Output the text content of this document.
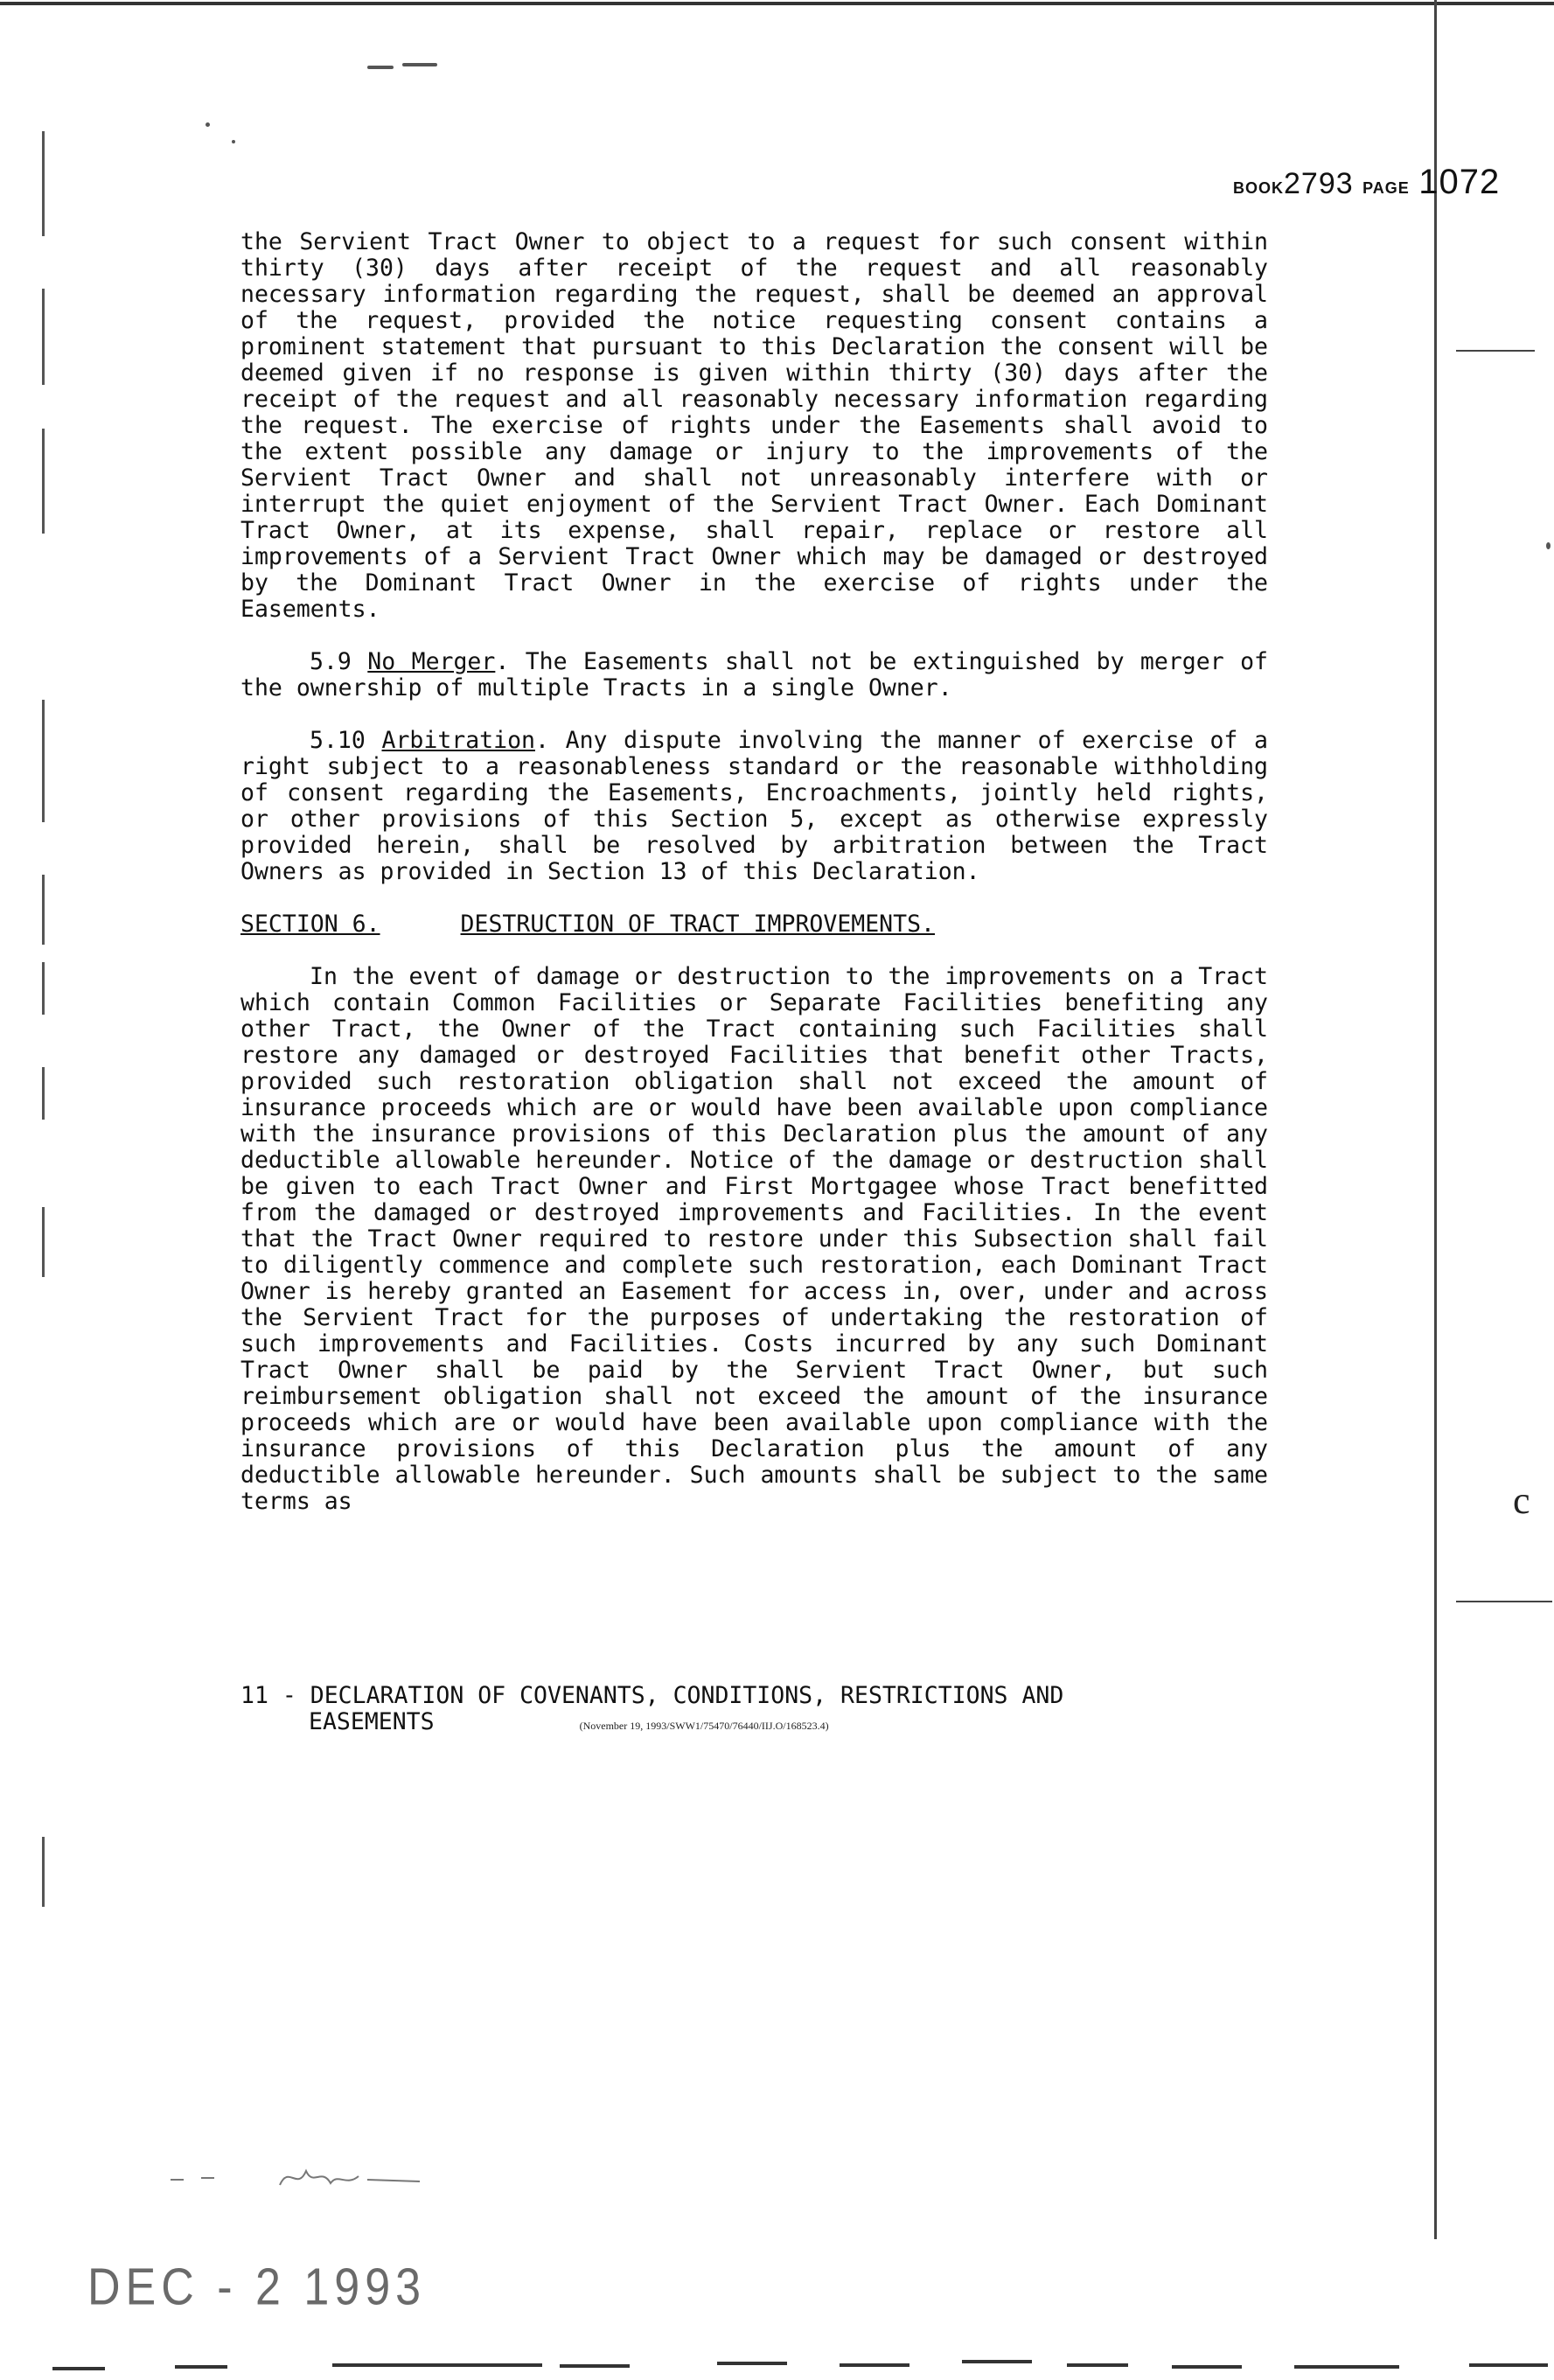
BOOK2793 PAGE 1072

the Servient Tract Owner to object to a request for such consent within thirty (30) days after receipt of the request and all reasonably necessary information regarding the request, shall be deemed an approval of the request, provided the notice requesting consent contains a prominent statement that pursuant to this Declaration the consent will be deemed given if no response is given within thirty (30) days after the receipt of the request and all reasonably necessary information regarding the request. The exercise of rights under the Easements shall avoid to the extent possible any damage or injury to the improvements of the Servient Tract Owner and shall not unreasonably interfere with or interrupt the quiet enjoyment of the Servient Tract Owner. Each Dominant Tract Owner, at its expense, shall repair, replace or restore all improvements of a Servient Tract Owner which may be damaged or destroyed by the Dominant Tract Owner in the exercise of rights under the Easements.

5.9 No Merger. The Easements shall not be extinguished by merger of the ownership of multiple Tracts in a single Owner.

5.10 Arbitration. Any dispute involving the manner of exercise of a right subject to a reasonableness standard or the reasonable withholding of consent regarding the Easements, Encroachments, jointly held rights, or other provisions of this Section 5, except as otherwise expressly provided herein, shall be resolved by arbitration between the Tract Owners as provided in Section 13 of this Declaration.

SECTION 6.	DESTRUCTION OF TRACT IMPROVEMENTS.

In the event of damage or destruction to the improvements on a Tract which contain Common Facilities or Separate Facilities benefiting any other Tract, the Owner of the Tract containing such Facilities shall restore any damaged or destroyed Facilities that benefit other Tracts, provided such restoration obligation shall not exceed the amount of insurance proceeds which are or would have been available upon compliance with the insurance provisions of this Declaration plus the amount of any deductible allowable hereunder. Notice of the damage or destruction shall be given to each Tract Owner and First Mortgagee whose Tract benefitted from the damaged or destroyed improvements and Facilities. In the event that the Tract Owner required to restore under this Subsection shall fail to diligently commence and complete such restoration, each Dominant Tract Owner is hereby granted an Easement for access in, over, under and across the Servient Tract for the purposes of undertaking the restoration of such improvements and Facilities. Costs incurred by any such Dominant Tract Owner shall be paid by the Servient Tract Owner, but such reimbursement obligation shall not exceed the amount of the insurance proceeds which are or would have been available upon compliance with the insurance provisions of this Declaration plus the amount of any deductible allowable hereunder. Such amounts shall be subject to the same terms as

11 - DECLARATION OF COVENANTS, CONDITIONS, RESTRICTIONS AND
EASEMENTS	(November 19, 1993/SWW1/75470/76440/IIJ.O/168523.4)
c
DEC - 2 1993
